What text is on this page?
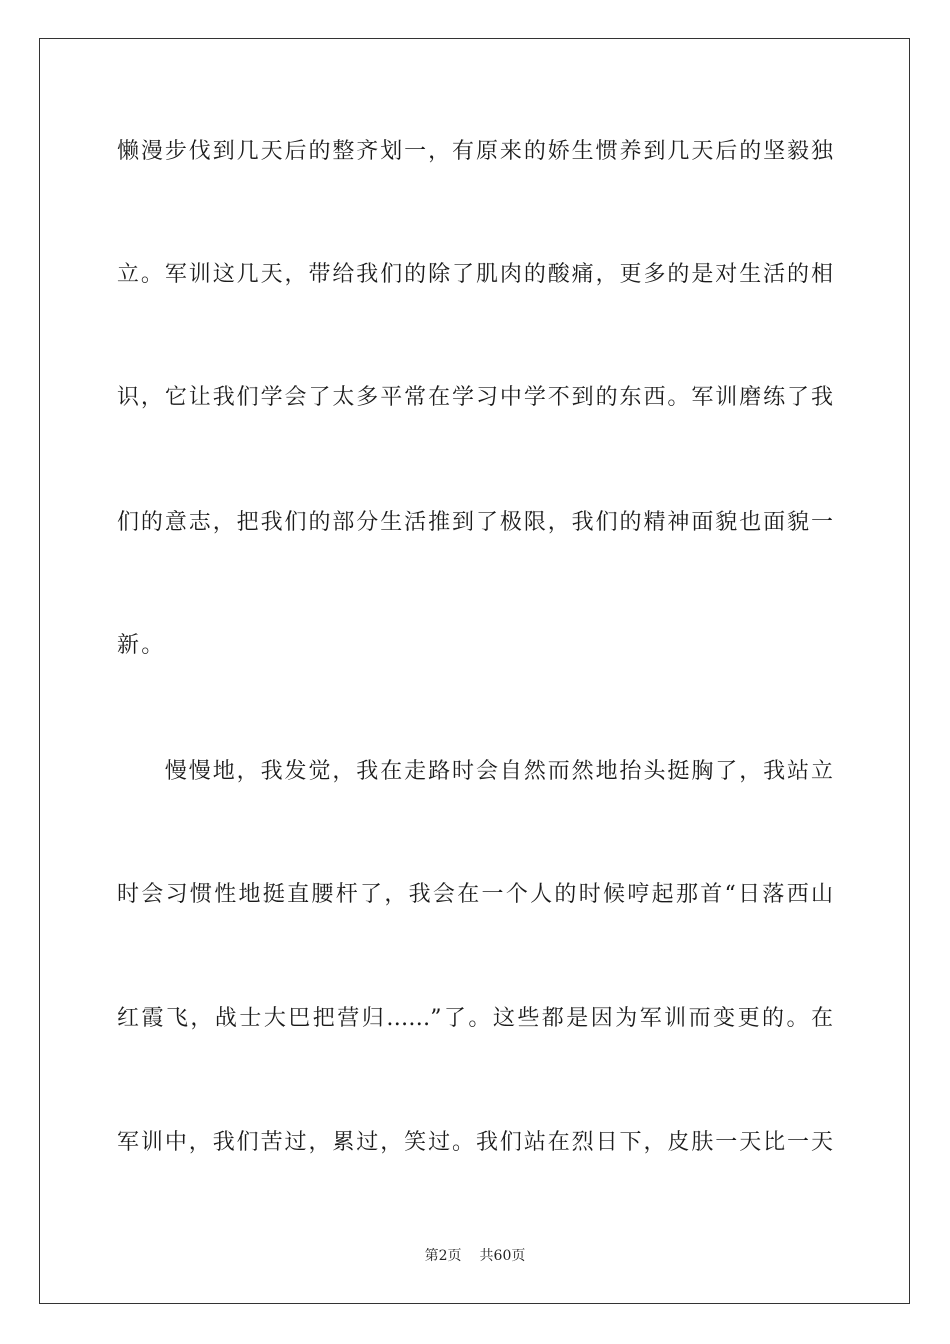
懒漫步伐到几天后的整齐划一，有原来的娇生惯养到几天后的坚毅独
立。军训这几天，带给我们的除了肌肉的酸痛，更多的是对生活的相
识，它让我们学会了太多平常在学习中学不到的东西。军训磨练了我
们的意志，把我们的部分生活推到了极限，我们的精神面貌也面貌一
新。
　　慢慢地，我发觉，我在走路时会自然而然地抬头挺胸了，我站立
时会习惯性地挺直腰杆了，我会在一个人的时候哼起那首“日落西山
红霞飞，战士大巴把营归……”了。这些都是因为军训而变更的。在
军训中，我们苦过，累过，笑过。我们站在烈日下，皮肤一天比一天
第2页 共60页
